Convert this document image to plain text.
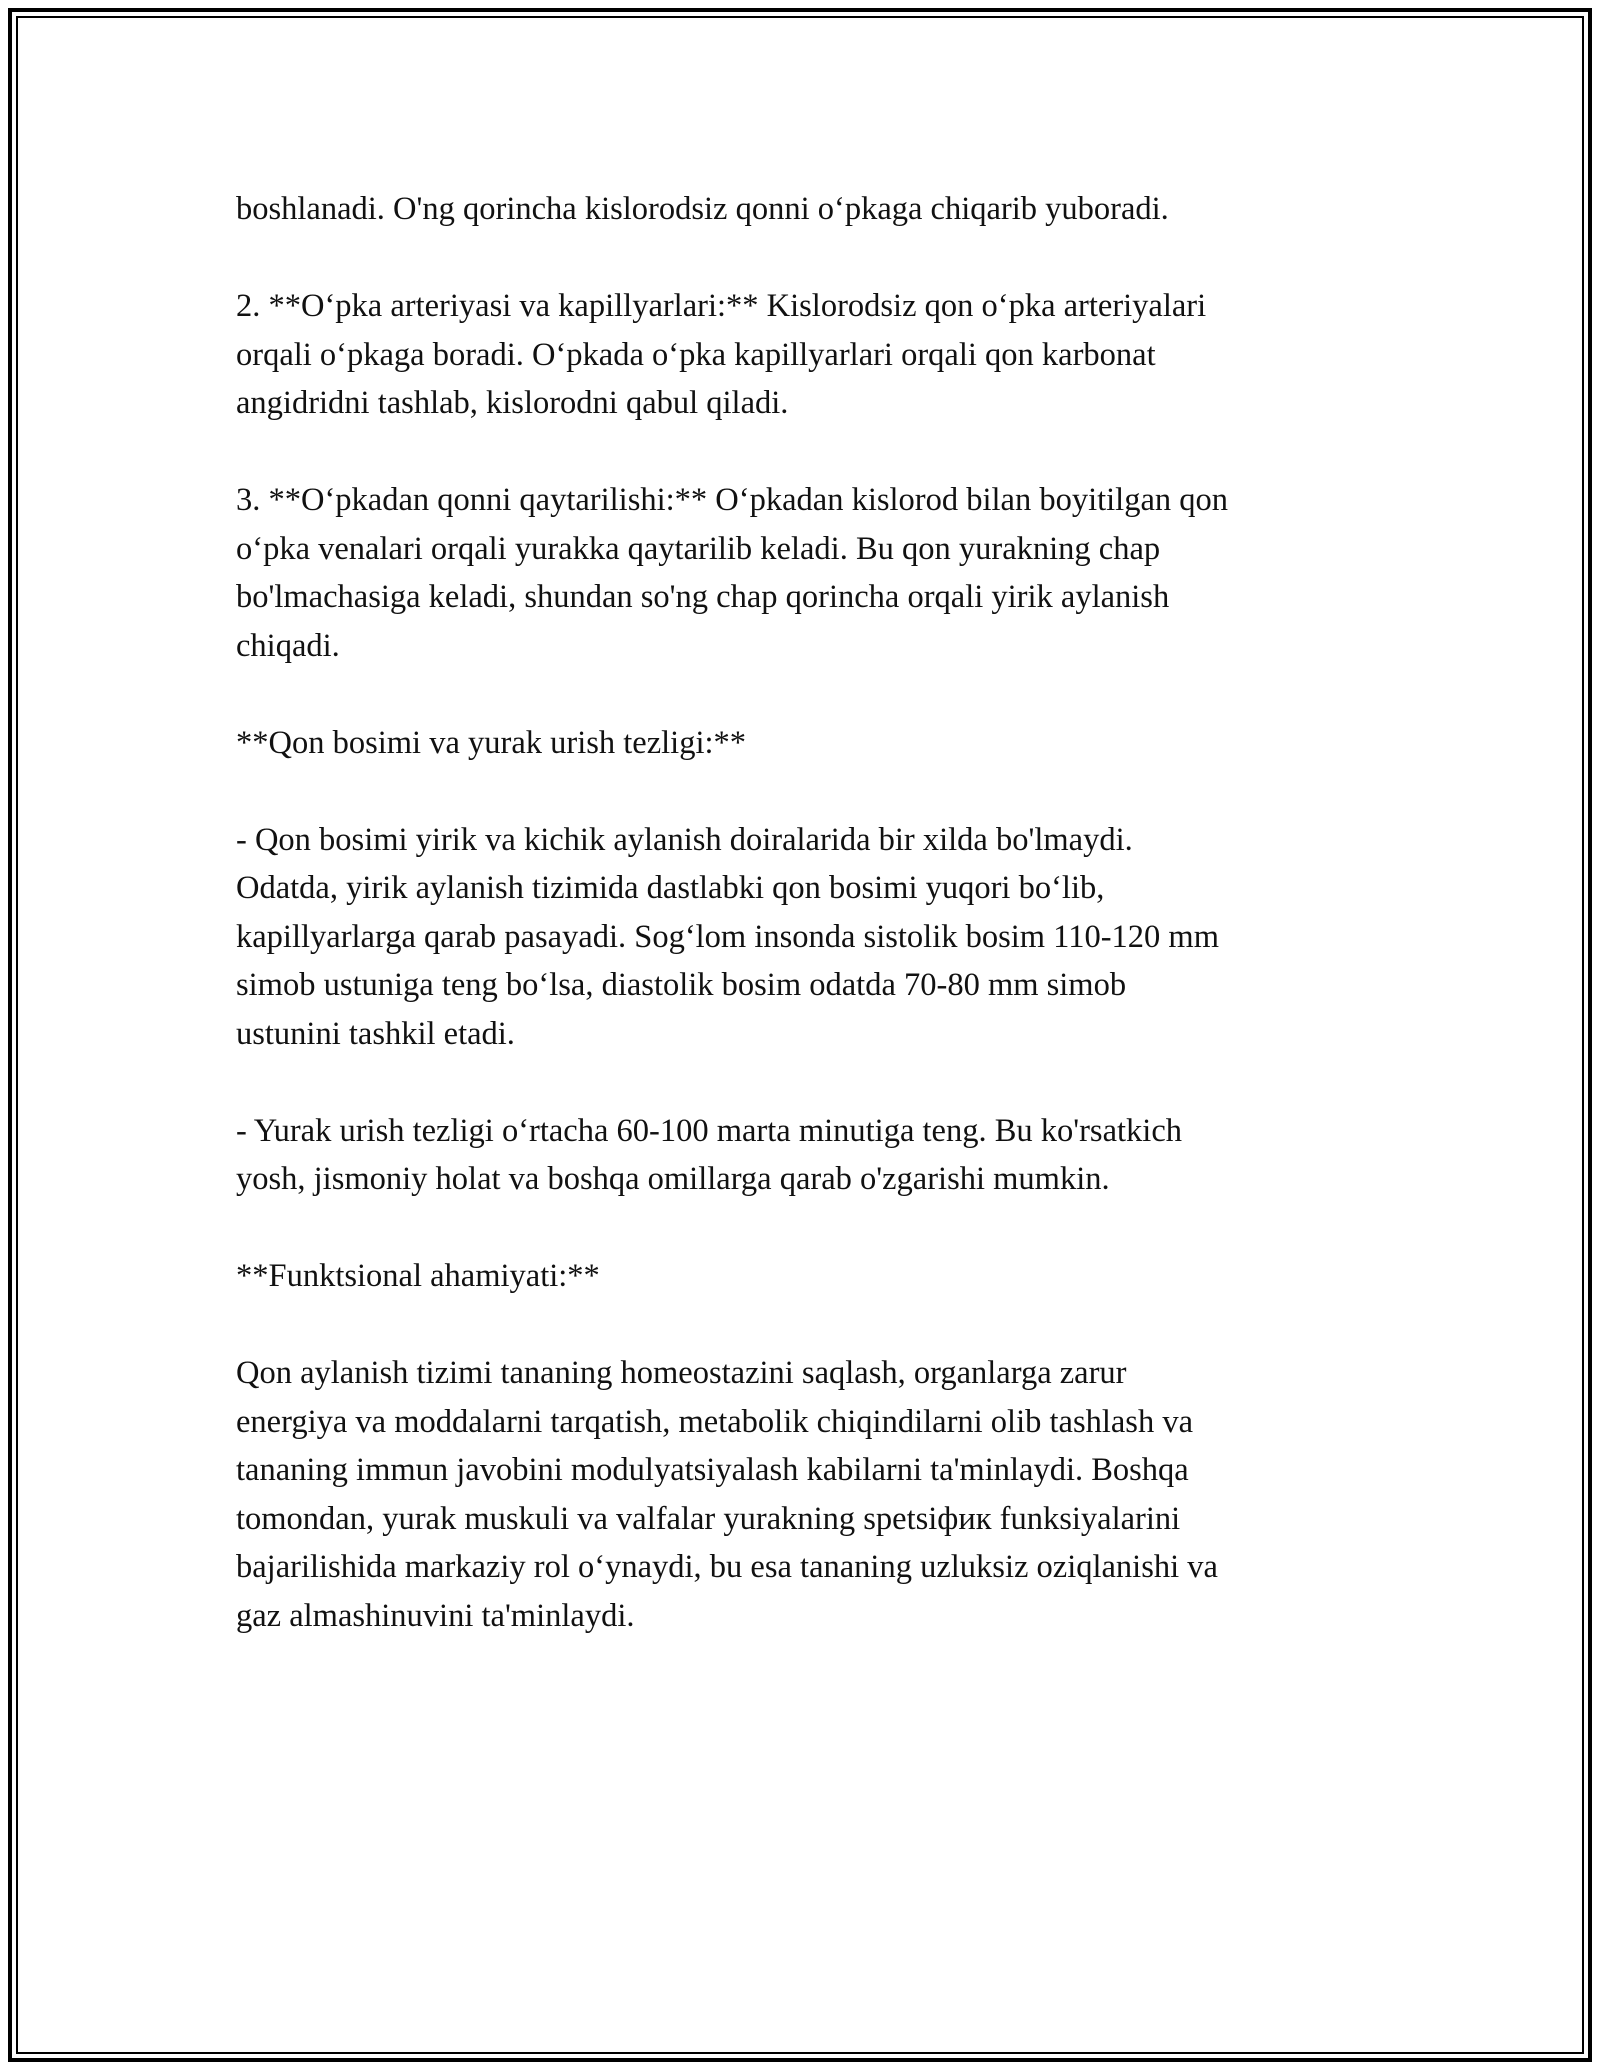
boshlanadi. O'ng qorincha kislorodsiz qonni o‘pkaga chiqarib yuboradi.

2. **O‘pka arteriyasi va kapillyarlari:** Kislorodsiz qon o‘pka arteriyalari
orqali o‘pkaga boradi. O‘pkada o‘pka kapillyarlari orqali qon karbonat
angidridni tashlab, kislorodni qabul qiladi.

3. **O‘pkadan qonni qaytarilishi:** O‘pkadan kislorod bilan boyitilgan qon
o‘pka venalari orqali yurakka qaytarilib keladi. Bu qon yurakning chap
bo'lmachasiga keladi, shundan so'ng chap qorincha orqali yirik aylanish
chiqadi.

**Qon bosimi va yurak urish tezligi:**

- Qon bosimi yirik va kichik aylanish doiralarida bir xilda bo'lmaydi.
Odatda, yirik aylanish tizimida dastlabki qon bosimi yuqori bo‘lib,
kapillyarlarga qarab pasayadi. Sog‘lom insonda sistolik bosim 110-120 mm
simob ustuniga teng bo‘lsa, diastolik bosim odatda 70-80 mm simob
ustunini tashkil etadi.

- Yurak urish tezligi o‘rtacha 60-100 marta minutiga teng. Bu ko'rsatkich
yosh, jismoniy holat va boshqa omillarga qarab o'zgarishi mumkin.

**Funktsional ahamiyati:**

Qon aylanish tizimi tananing homeostazini saqlash, organlarga zarur
energiya va moddalarni tarqatish, metabolik chiqindilarni olib tashlash va
tananing immun javobini modulyatsiyalash kabilarni ta'minlaydi. Boshqa
tomondan, yurak muskuli va valfalar yurakning spetsiфик funksiyalarini
bajarilishida markaziy rol o‘ynaydi, bu esa tananing uzluksiz oziqlanishi va
gaz almashinuvini ta'minlaydi.
